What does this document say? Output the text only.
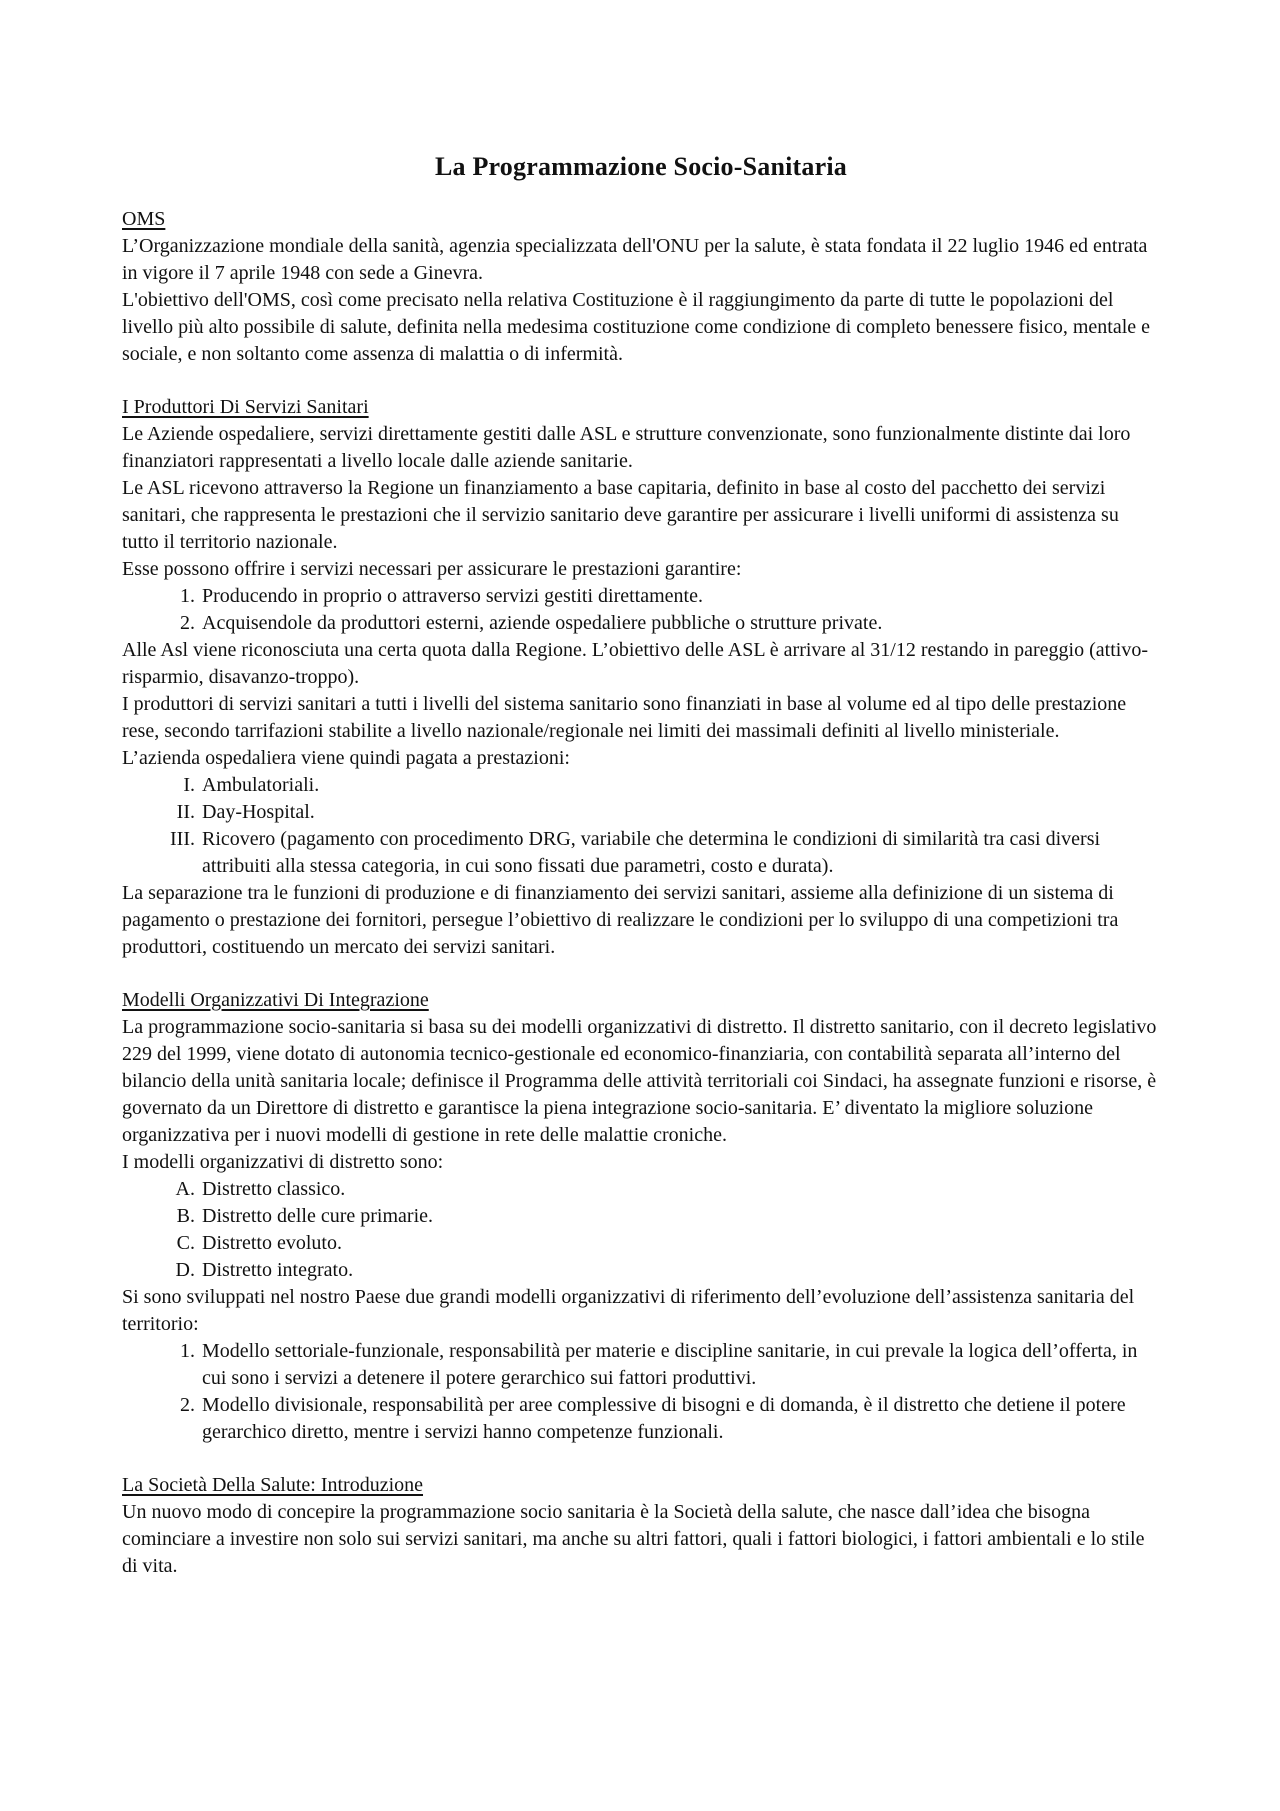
La Programmazione Socio-Sanitaria
OMS

L’Organizzazione mondiale della sanità, agenzia specializzata dell'ONU per la salute, è stata fondata il 22 luglio 1946 ed entrata in vigore il 7 aprile 1948 con sede a Ginevra.

L'obiettivo dell'OMS, così come precisato nella relativa Costituzione è il raggiungimento da parte di tutte le popolazioni del livello più alto possibile di salute, definita nella medesima costituzione come condizione di completo benessere fisico, mentale e sociale, e non soltanto come assenza di malattia o di infermità.

I Produttori Di Servizi Sanitari

Le Aziende ospedaliere, servizi direttamente gestiti dalle ASL e strutture convenzionate, sono funzionalmente distinte dai loro finanziatori rappresentati a livello locale dalle aziende sanitarie.

Le ASL ricevono attraverso la Regione un finanziamento a base capitaria, definito in base al costo del pacchetto dei servizi sanitari, che rappresenta le prestazioni che il servizio sanitario deve garantire per assicurare i livelli uniformi di assistenza su tutto il territorio nazionale.

Esse possono offrire i servizi necessari per assicurare le prestazioni garantire:

1. Producendo in proprio o attraverso servizi gestiti direttamente.
2. Acquisendole da produttori esterni, aziende ospedaliere pubbliche o strutture private.

Alle Asl viene riconosciuta una certa quota dalla Regione. L’obiettivo delle ASL è arrivare al 31/12 restando in pareggio (attivo-risparmio, disavanzo-troppo).

I produttori di servizi sanitari a tutti i livelli del sistema sanitario sono finanziati in base al volume ed al tipo delle prestazione rese, secondo tarrifazioni stabilite a livello nazionale/regionale nei limiti dei massimali definiti al livello ministeriale.

L’azienda ospedaliera viene quindi pagata a prestazioni:

I. Ambulatoriali.
II. Day-Hospital.
III. Ricovero (pagamento con procedimento DRG, variabile che determina le condizioni di similarità tra casi diversi attribuiti alla stessa categoria, in cui sono fissati due parametri, costo e durata).

La separazione tra le funzioni di produzione e di finanziamento dei servizi sanitari, assieme alla definizione di un sistema di pagamento o prestazione dei fornitori, persegue l’obiettivo di realizzare le condizioni per lo sviluppo di una competizioni tra produttori, costituendo un mercato dei servizi sanitari.

Modelli Organizzativi Di Integrazione

La programmazione socio-sanitaria si basa su dei modelli organizzativi di distretto. Il distretto sanitario, con il decreto legislativo 229 del 1999, viene dotato di autonomia tecnico-gestionale ed economico-finanziaria, con contabilità separata all’interno del bilancio della unità sanitaria locale; definisce il Programma delle attività territoriali coi Sindaci, ha assegnate funzioni e risorse, è governato da un Direttore di distretto e garantisce la piena integrazione socio-sanitaria. E’ diventato la migliore soluzione organizzativa per i nuovi modelli di gestione in rete delle malattie croniche.

I modelli organizzativi di distretto sono:

A. Distretto classico.
B. Distretto delle cure primarie.
C. Distretto evoluto.
D. Distretto integrato.

Si sono sviluppati nel nostro Paese due grandi modelli organizzativi di riferimento dell’evoluzione dell’assistenza sanitaria del territorio:

1. Modello settoriale-funzionale, responsabilità per materie e discipline sanitarie, in cui prevale la logica dell’offerta, in cui sono i servizi a detenere il potere gerarchico sui fattori produttivi.
2. Modello divisionale, responsabilità per aree complessive di bisogni e di domanda, è il distretto che detiene il potere gerarchico diretto, mentre i servizi hanno competenze funzionali.
La Società Della Salute: Introduzione

Un nuovo modo di concepire la programmazione socio sanitaria è la Società della salute, che nasce dall’idea che bisogna cominciare a investire non solo sui servizi sanitari, ma anche su altri fattori, quali i fattori biologici, i fattori ambientali e lo stile di vita.
